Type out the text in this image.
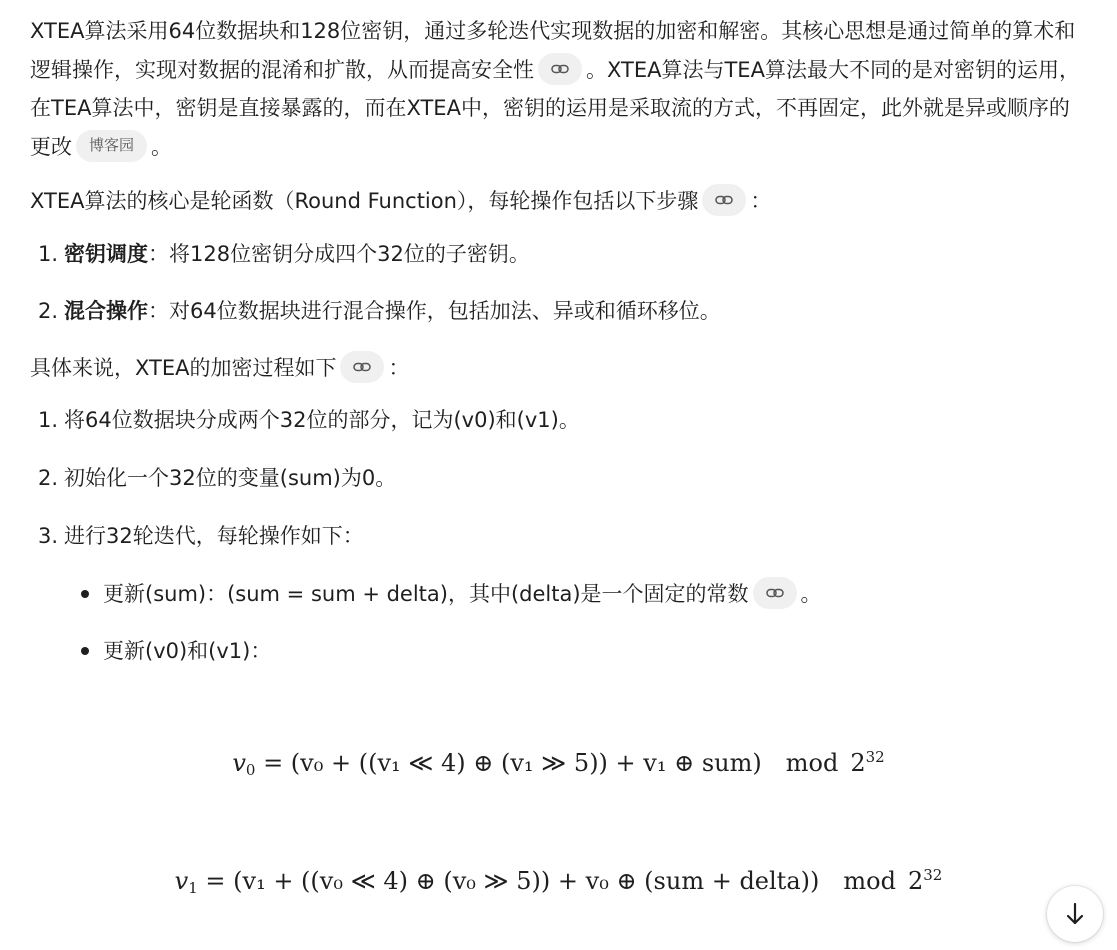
XTEA算法采用64位数据块和128位密钥，通过多轮迭代实现数据的加密和解密。其核心思想是通过简单的算术和逻辑操作，实现对数据的混淆和扩散，从而提高安全性 。XTEA算法与TEA算法最大不同的是对密钥的运用，在TEA算法中，密钥是直接暴露的，而在XTEA中，密钥的运用是采取流的方式，不再固定，此外就是异或顺序的更改 博客园 。

XTEA算法的核心是轮函数（Round Function），每轮操作包括以下步骤 ：

1. 密钥调度：将128位密钥分成四个32位的子密钥。
2. 混合操作：对64位数据块进行混合操作，包括加法、异或和循环移位。

具体来说，XTEA的加密过程如下 ：

1. 将64位数据块分成两个32位的部分，记为(v0)和(v1)。
2. 初始化一个32位的变量(sum)为0。
3. 进行32轮迭代，每轮操作如下：
更新(sum)：(sum = sum + delta)，其中(delta)是一个固定的常数 。
更新(v0)和(v1)：
$v_0 = (v_0 + ((v_1$ ≪ 4) ⊕ (v₁ ≫ 5)) + v₁ ⊕ sum) mod $2^{32}$
$v_1 = (v_1 + ((v_0$ ≪ 4) ⊕ (v₀ ≫ 5)) + v₀ ⊕ (sum + delta)) mod $2^{32}$
